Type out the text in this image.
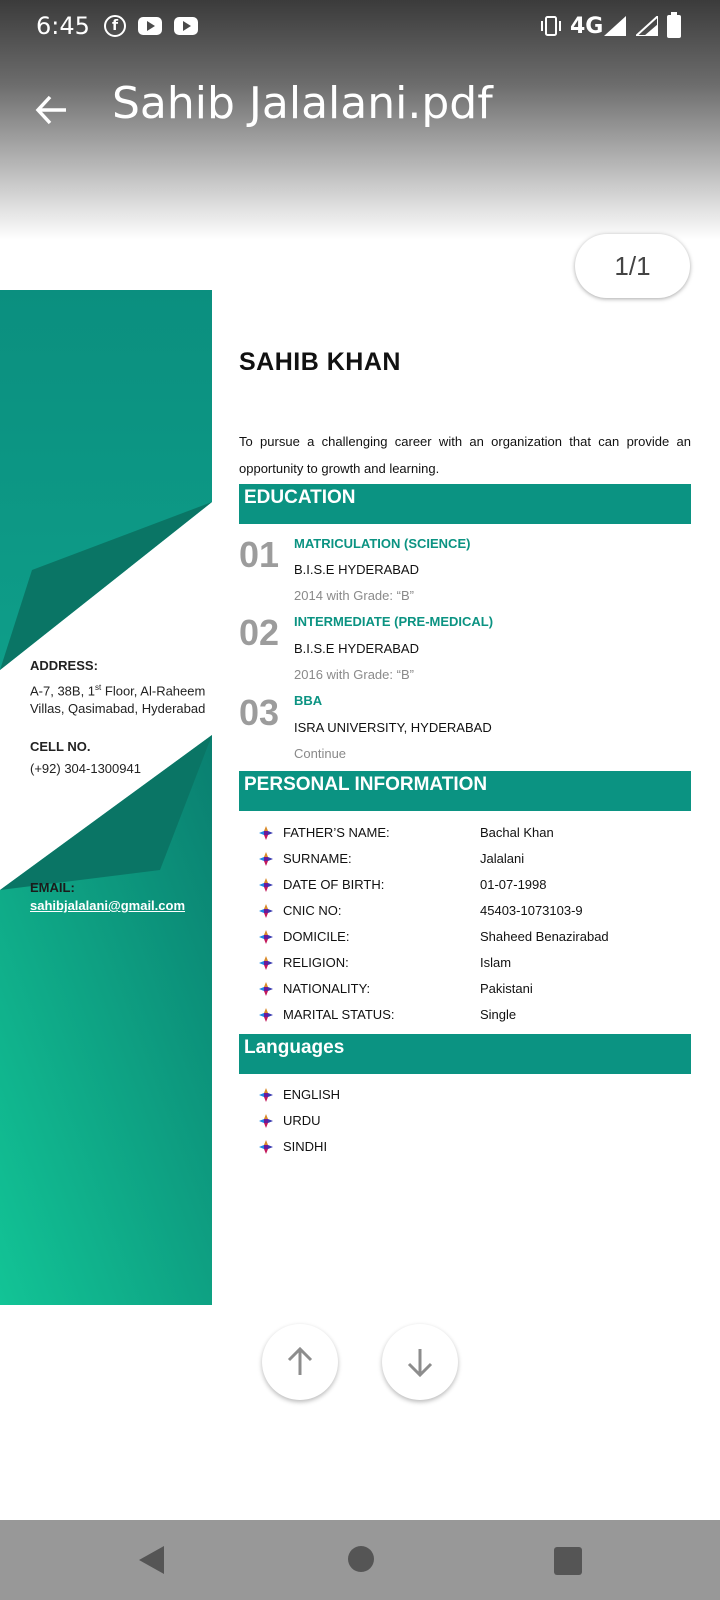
6:45	f	4G
Sahib Jalalani.pdf
ADDRESS:
A-7, 38B, 1st Floor, Al-Raheem
Villas, Qasimabad, Hyderabad
CELL NO.
(+92) 304-1300941
EMAIL:
sahibjalalani@gmail.com
SAHIB KHAN
To pursue a challenging career with an organization that can provide an opportunity to growth and learning.
EDUCATION
01 MATRICULATION (SCIENCE)
B.I.S.E HYDERABAD
2014 with Grade: “B”
02 INTERMEDIATE (PRE-MEDICAL)
B.I.S.E HYDERABAD
2016 with Grade: “B”
03 BBA
ISRA UNIVERSITY, HYDERABAD
Continue
PERSONAL INFORMATION
FATHER’S NAME:	Bachal Khan
SURNAME:	Jalalani
DATE OF BIRTH:	01-07-1998
CNIC NO:	45403-1073103-9
DOMICILE:	Shaheed Benazirabad
RELIGION:	Islam
NATIONALITY:	Pakistani
MARITAL STATUS:	Single
Languages
ENGLISH
URDU
SINDHI
1/1
